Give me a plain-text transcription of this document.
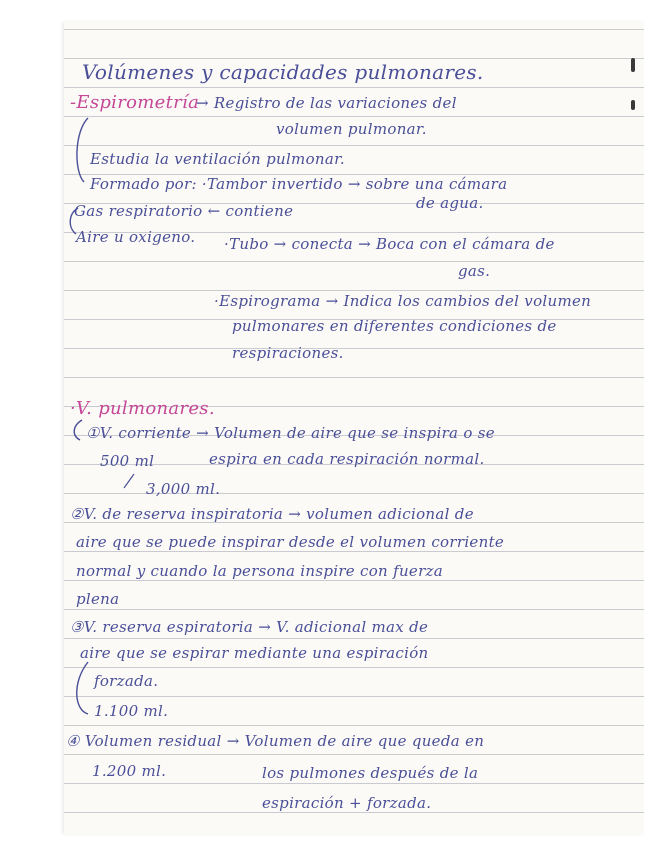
Volúmenes y capacidades pulmonares.
-Espirometría
→ Registro de las variaciones del
volumen pulmonar.
Estudia la ventilación pulmonar.
Formado por: ·Tambor invertido → sobre una cámara
Gas respiratorio ← contiene	de agua.
Aire u oxigeno. ·Tubo → conecta → Boca con el cámara de
gas.
·Espirograma → Indica los cambios del volumen
pulmonares en diferentes condiciones de
respiraciones.
·V. pulmonares.
①V. corriente → Volumen de aire que se inspira o se
500 ml	espira en cada respiración normal.
3,000 ml.
②V. de reserva inspiratoria → volumen adicional de
aire que se puede inspirar desde el volumen corriente
normal y cuando la persona inspire con fuerza
plena
③V. reserva espiratoria → V. adicional max de
aire que se espirar mediante una espiración
forzada.
1.100 ml.
④ Volumen residual → Volumen de aire que queda en
1.200 ml.	los pulmones después de la
espiración + forzada.
